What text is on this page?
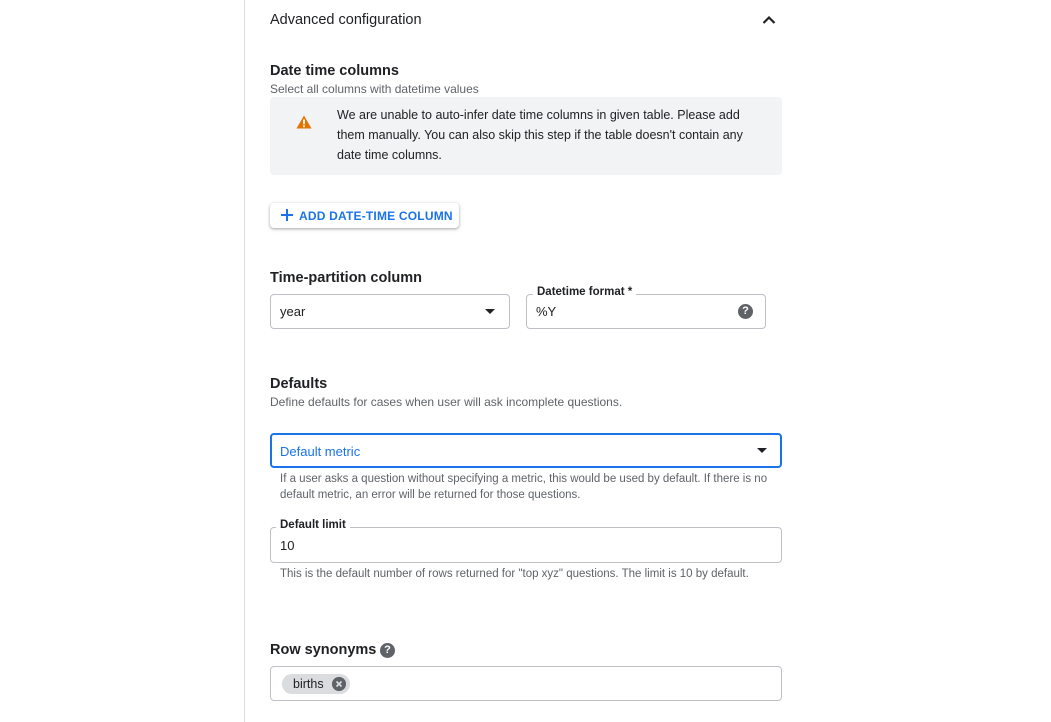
Advanced configuration
Date time columns
Select all columns with datetime values
We are unable to auto-infer date time columns in given table. Please add them manually. You can also skip this step if the table doesn't contain any date time columns.
ADD DATE-TIME COLUMN
Time-partition column
year
Datetime format *
%Y	?
Defaults
Define defaults for cases when user will ask incomplete questions.
Default metric
If a user asks a question without specifying a metric, this would be used by default. If there is no default metric, an error will be returned for those questions.
Default limit
10
This is the default number of rows returned for "top xyz" questions. The limit is 10 by default.
Row synonyms ?
births
